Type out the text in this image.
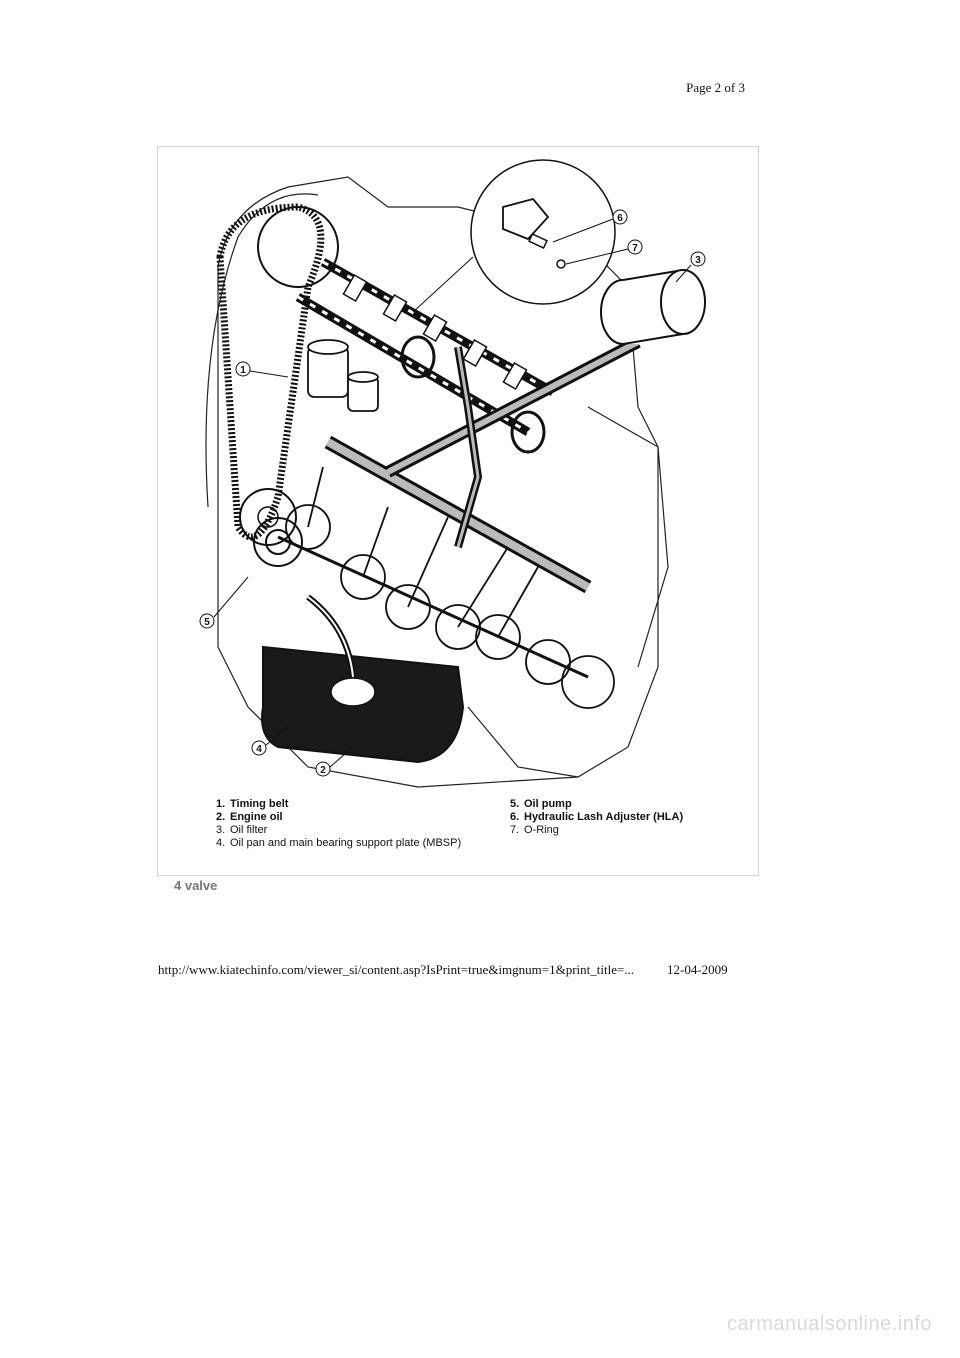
Page 2 of 3
1
2
3
4
5
6
7
1. Timing belt
2. Engine oil
3. Oil filter
4. Oil pan and main bearing support plate (MBSP)
5. Oil pump
6. Hydraulic Lash Adjuster (HLA)
7. O-Ring
4 valve
http://www.kiatechinfo.com/viewer_si/content.asp?IsPrint=true&imgnum=1&print_title=...	12-04-2009
carmanualsonline.info
